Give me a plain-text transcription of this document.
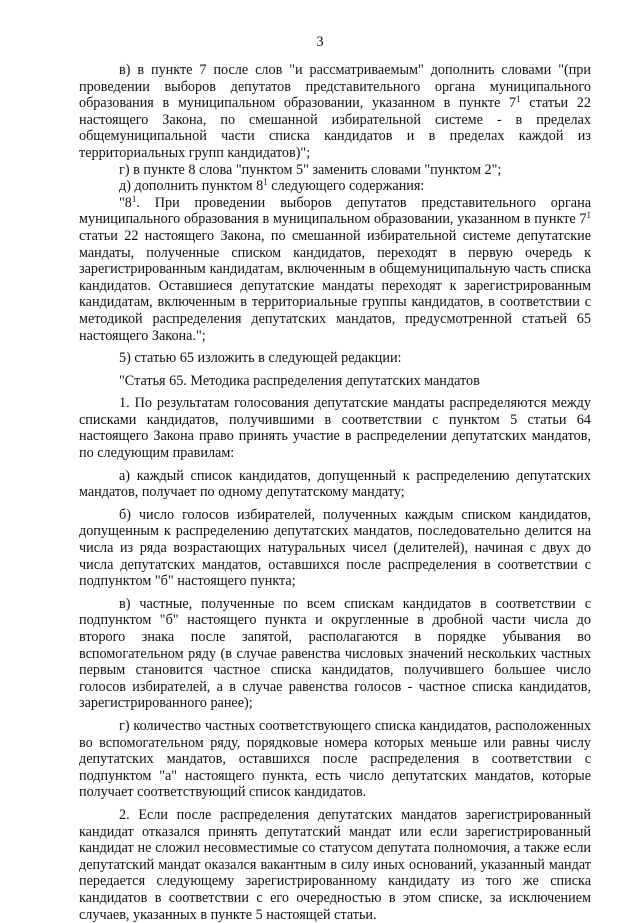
3

в) в пункте 7 после слов "и рассматриваемым" дополнить словами "(при проведении выборов депутатов представительного органа муниципального образования в муниципальном образовании, указанном в пункте $7^1$ статьи 22 настоящего Закона, по смешанной избирательной системе - в пределах общемуниципальной части списка кандидатов и в пределах каждой из территориальных групп кандидатов)";

г) в пункте 8 слова "пунктом 5" заменить словами "пунктом 2";

д) дополнить пунктом $8^1$ следующего содержания:

"$8^1$. При проведении выборов депутатов представительного органа муниципального образования в муниципальном образовании, указанном в пункте $7^1$ статьи 22 настоящего Закона, по смешанной избирательной системе депутатские мандаты, полученные списком кандидатов, переходят в первую очередь к зарегистрированным кандидатам, включенным в общемуниципальную часть списка кандидатов. Оставшиеся депутатские мандаты переходят к зарегистрированным кандидатам, включенным в территориальные группы кандидатов, в соответствии с методикой распределения депутатских мандатов, предусмотренной статьей 65 настоящего Закона.";

5) статью 65 изложить в следующей редакции:

"Статья 65. Методика распределения депутатских мандатов

1. По результатам голосования депутатские мандаты распределяются между списками кандидатов, получившими в соответствии с пунктом 5 статьи 64 настоящего Закона право принять участие в распределении депутатских мандатов, по следующим правилам:

а) каждый список кандидатов, допущенный к распределению депутатских мандатов, получает по одному депутатскому мандату;

б) число голосов избирателей, полученных каждым списком кандидатов, допущенным к распределению депутатских мандатов, последовательно делится на числа из ряда возрастающих натуральных чисел (делителей), начиная с двух до числа депутатских мандатов, оставшихся после распределения в соответствии с подпунктом "б" настоящего пункта;

в) частные, полученные по всем спискам кандидатов в соответствии с подпунктом "б" настоящего пункта и округленные в дробной части числа до второго знака после запятой, располагаются в порядке убывания во вспомогательном ряду (в случае равенства числовых значений нескольких частных первым становится частное списка кандидатов, получившего большее число голосов избирателей, а в случае равенства голосов - частное списка кандидатов, зарегистрированного ранее);

г) количество частных соответствующего списка кандидатов, расположенных во вспомогательном ряду, порядковые номера которых меньше или равны числу депутатских мандатов, оставшихся после распределения в соответствии с подпунктом "а" настоящего пункта, есть число депутатских мандатов, которые получает соответствующий список кандидатов.

2. Если после распределения депутатских мандатов зарегистрированный кандидат отказался принять депутатский мандат или если зарегистрированный кандидат не сложил несовместимые со статусом депутата полномочия, а также если депутатский мандат оказался вакантным в силу иных оснований, указанный мандат передается следующему зарегистрированному кандидату из того же списка кандидатов в соответствии с его очередностью в этом списке, за исключением случаев, указанных в пункте 5 настоящей статьи.
